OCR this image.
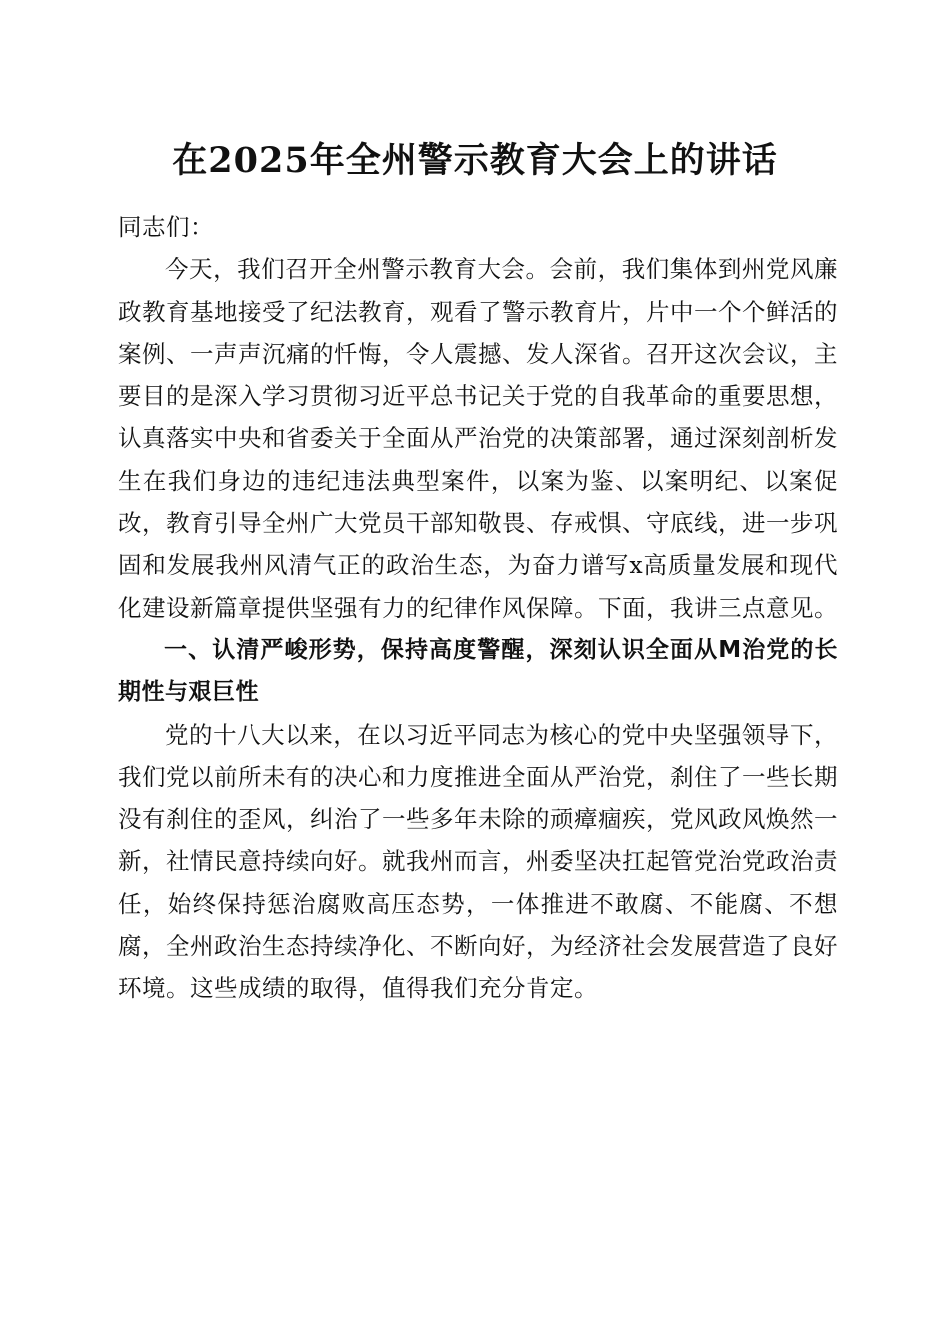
在2025年全州警示教育大会上的讲话

同志们：

今天，我们召开全州警示教育大会。会前，我们集体到州党风廉政教育基地接受了纪法教育，观看了警示教育片，片中一个个鲜活的案例、一声声沉痛的忏悔，令人震撼、发人深省。召开这次会议，主要目的是深入学习贯彻习近平总书记关于党的自我革命的重要思想，认真落实中央和省委关于全面从严治党的决策部署，通过深刻剖析发生在我们身边的违纪违法典型案件，以案为鉴、以案明纪、以案促改，教育引导全州广大党员干部知敬畏、存戒惧、守底线，进一步巩固和发展我州风清气正的政治生态，为奋力谱写x高质量发展和现代化建设新篇章提供坚强有力的纪律作风保障。下面，我讲三点意见。

一、认清严峻形势，保持高度警醒，深刻认识全面从M治党的长期性与艰巨性

党的十八大以来，在以习近平同志为核心的党中央坚强领导下，我们党以前所未有的决心和力度推进全面从严治党，刹住了一些长期没有刹住的歪风，纠治了一些多年未除的顽瘴痼疾，党风政风焕然一新，社情民意持续向好。就我州而言，州委坚决扛起管党治党政治责任，始终保持惩治腐败高压态势，一体推进不敢腐、不能腐、不想腐，全州政治生态持续净化、不断向好，为经济社会发展营造了良好环境。这些成绩的取得，值得我们充分肯定。
